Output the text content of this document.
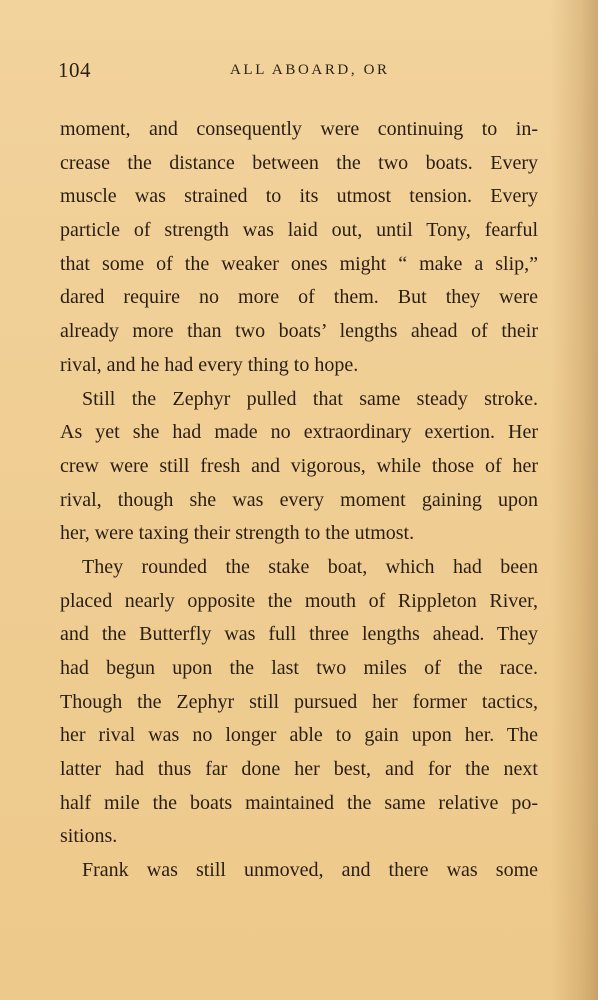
104	ALL ABOARD, OR
moment, and consequently were continuing to in-
crease the distance between the two boats. Every
muscle was strained to its utmost tension. Every
particle of strength was laid out, until Tony, fearful
that some of the weaker ones might “ make a slip,”
dared require no more of them. But they were
already more than two boats’ lengths ahead of their
rival, and he had every thing to hope.
Still the Zephyr pulled that same steady stroke.
As yet she had made no extraordinary exertion. Her
crew were still fresh and vigorous, while those of her
rival, though she was every moment gaining upon
her, were taxing their strength to the utmost.
They rounded the stake boat, which had been
placed nearly opposite the mouth of Rippleton River,
and the Butterfly was full three lengths ahead. They
had begun upon the last two miles of the race.
Though the Zephyr still pursued her former tactics,
her rival was no longer able to gain upon her. The
latter had thus far done her best, and for the next
half mile the boats maintained the same relative po-
sitions.
Frank was still unmoved, and there was some
